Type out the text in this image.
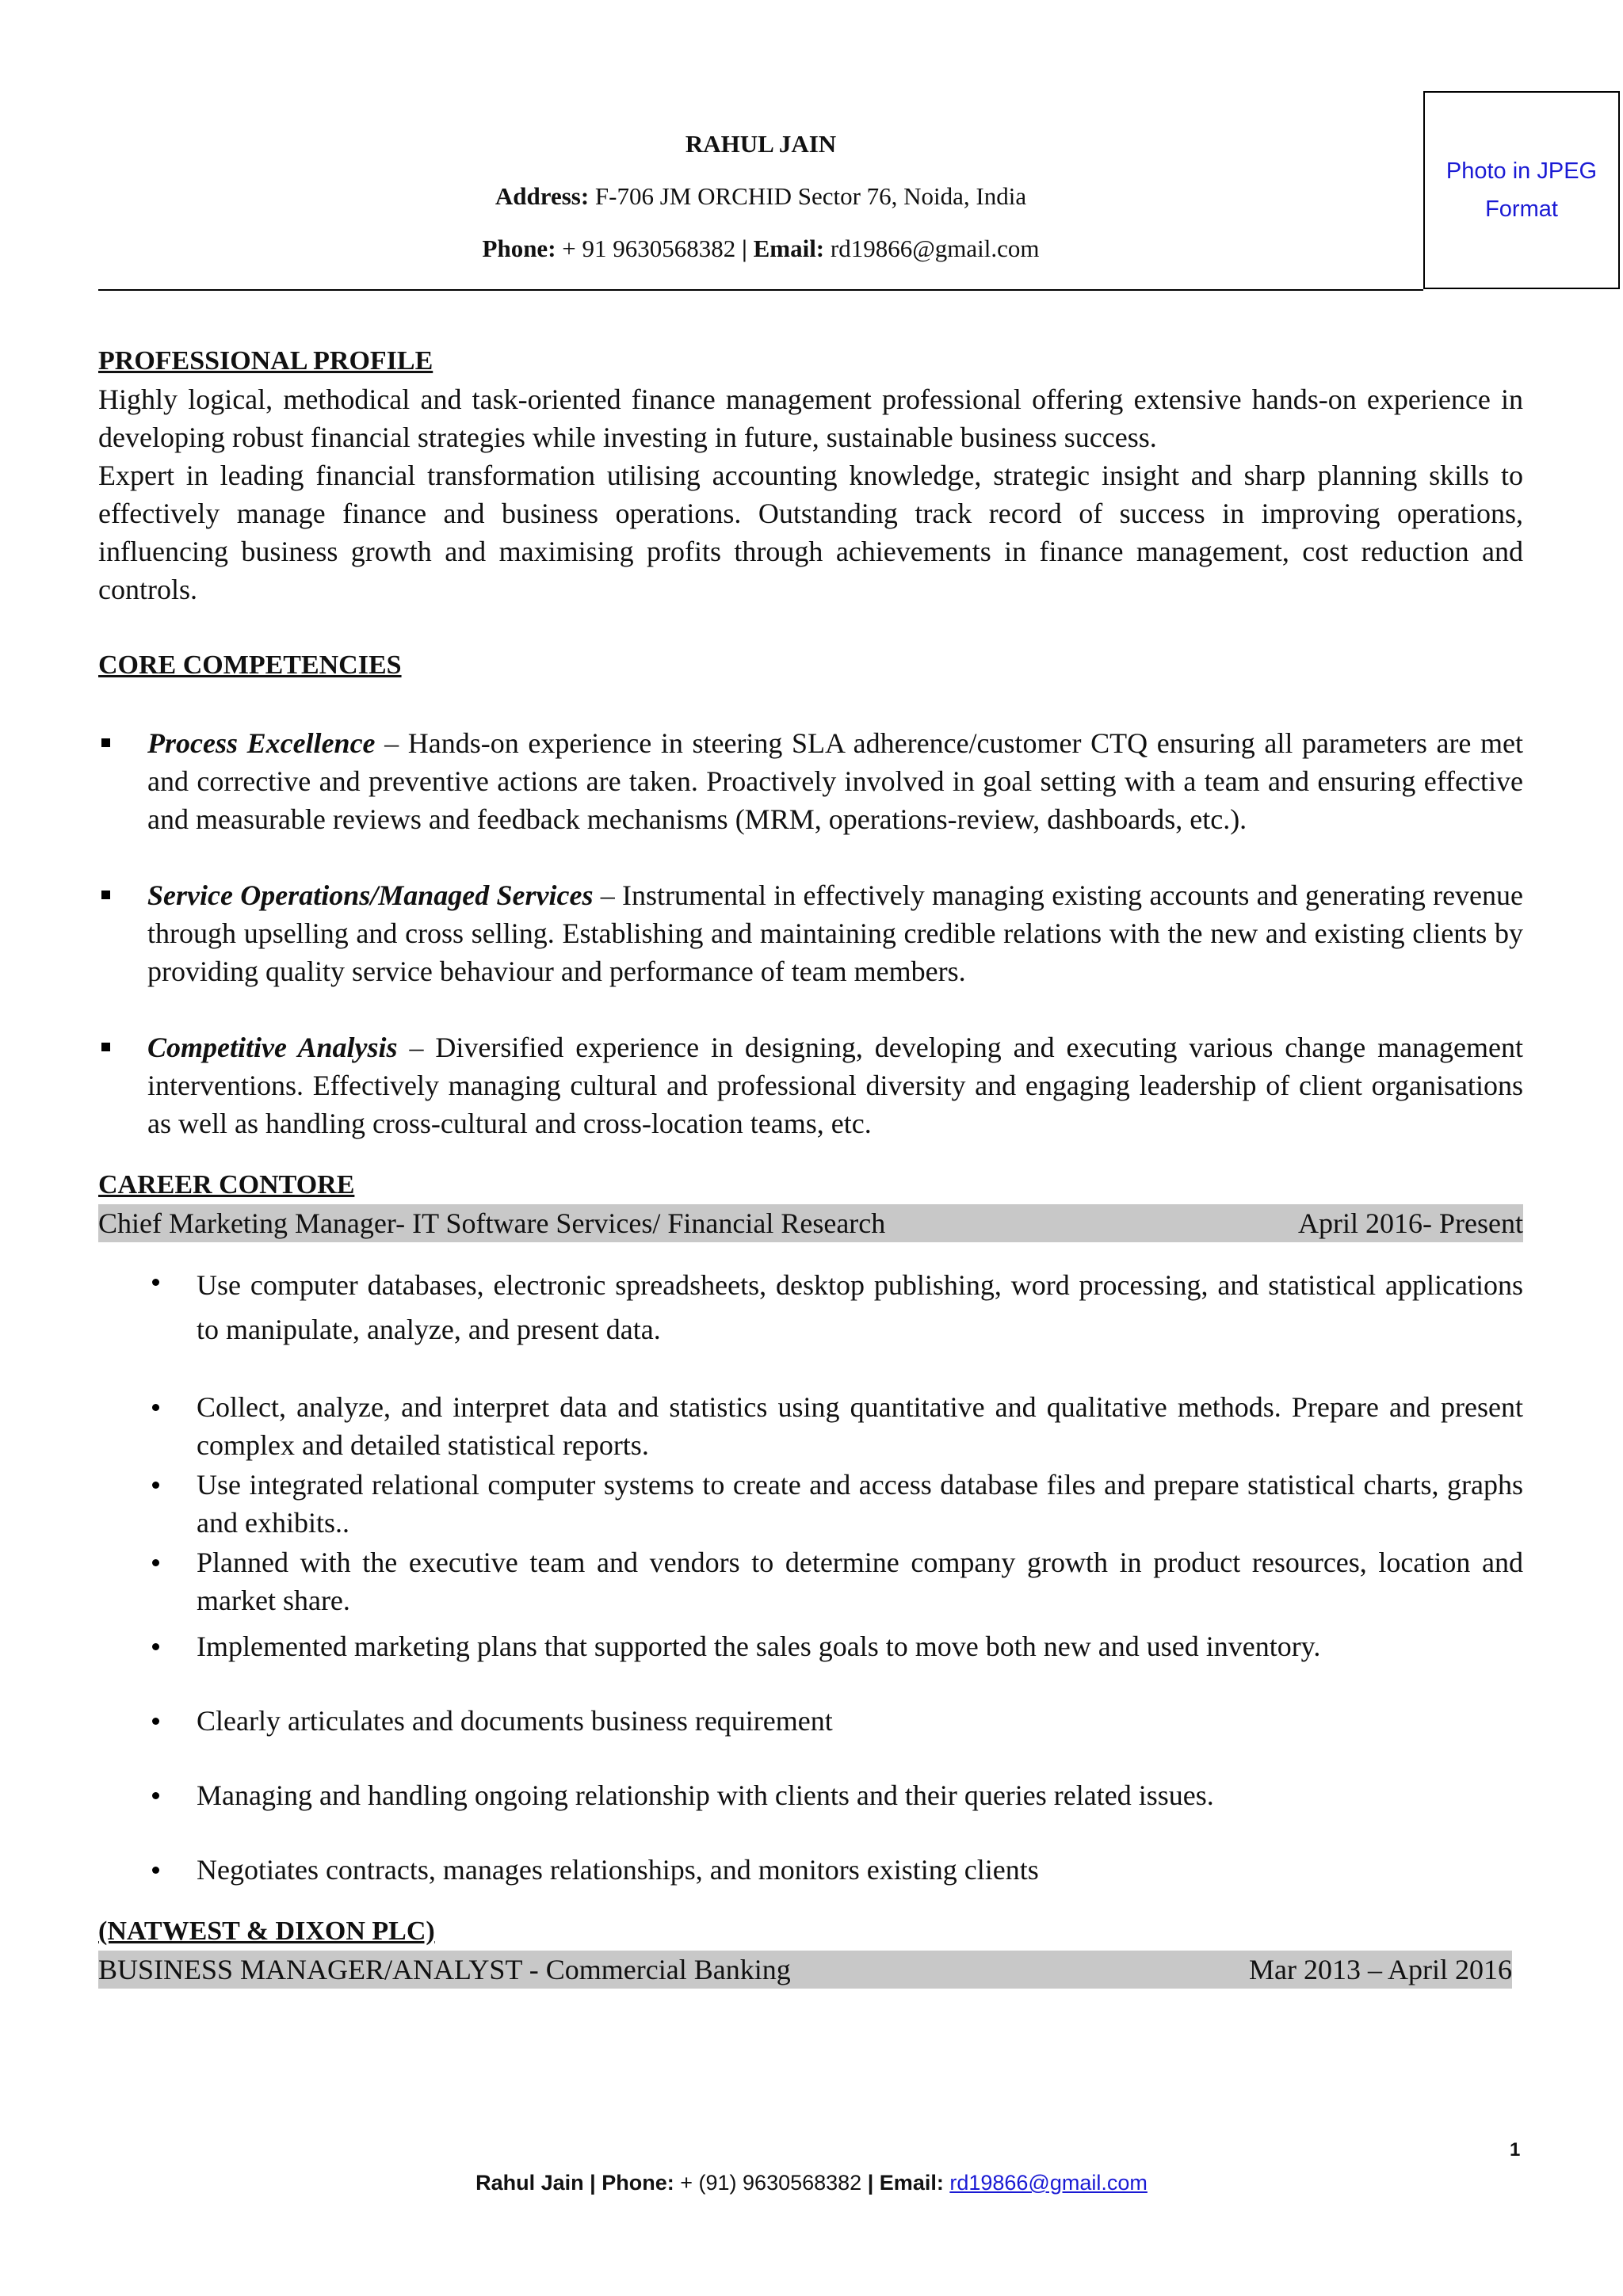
RAHUL JAIN
Address: F-706 JM ORCHID Sector 76, Noida, India
Phone: + 91 9630568382 | Email: rd19866@gmail.com
Photo in JPEG
Format
PROFESSIONAL PROFILE

Highly logical, methodical and task-oriented finance management professional offering extensive hands-on experience in developing robust financial strategies while investing in future, sustainable business success.

Expert in leading financial transformation utilising accounting knowledge, strategic insight and sharp planning skills to effectively manage finance and business operations. Outstanding track record of success in improving operations, influencing business growth and maximising profits through achievements in finance management, cost reduction and controls.

CORE COMPETENCIES
Process Excellence – Hands-on experience in steering SLA adherence/customer CTQ ensuring all parameters are met and corrective and preventive actions are taken. Proactively involved in goal setting with a team and ensuring effective and measurable reviews and feedback mechanisms (MRM, operations-review, dashboards, etc.).
Service Operations/Managed Services – Instrumental in effectively managing existing accounts and generating revenue through upselling and cross selling. Establishing and maintaining credible relations with the new and existing clients by providing quality service behaviour and performance of team members.
Competitive Analysis – Diversified experience in designing, developing and executing various change management interventions. Effectively managing cultural and professional diversity and engaging leadership of client organisations as well as handling cross-cultural and cross-location teams, etc.
CAREER CONTORE
Chief Marketing Manager- IT Software Services/ Financial Research	April 2016- Present
Use computer databases, electronic spreadsheets, desktop publishing, word processing, and statistical applications to manipulate, analyze, and present data.
Collect, analyze, and interpret data and statistics using quantitative and qualitative methods. Prepare and present complex and detailed statistical reports.
Use integrated relational computer systems to create and access database files and prepare statistical charts, graphs and exhibits..
Planned with the executive team and vendors to determine company growth in product resources, location and market share.
Implemented marketing plans that supported the sales goals to move both new and used inventory.
Clearly articulates and documents business requirement
Managing and handling ongoing relationship with clients and their queries related issues.
Negotiates contracts, manages relationships, and monitors existing clients
(NATWEST & DIXON PLC)
BUSINESS MANAGER/ANALYST - Commercial Banking	Mar 2013 – April 2016
1
Rahul Jain | Phone: + (91) 9630568382 | Email: rd19866@gmail.com
